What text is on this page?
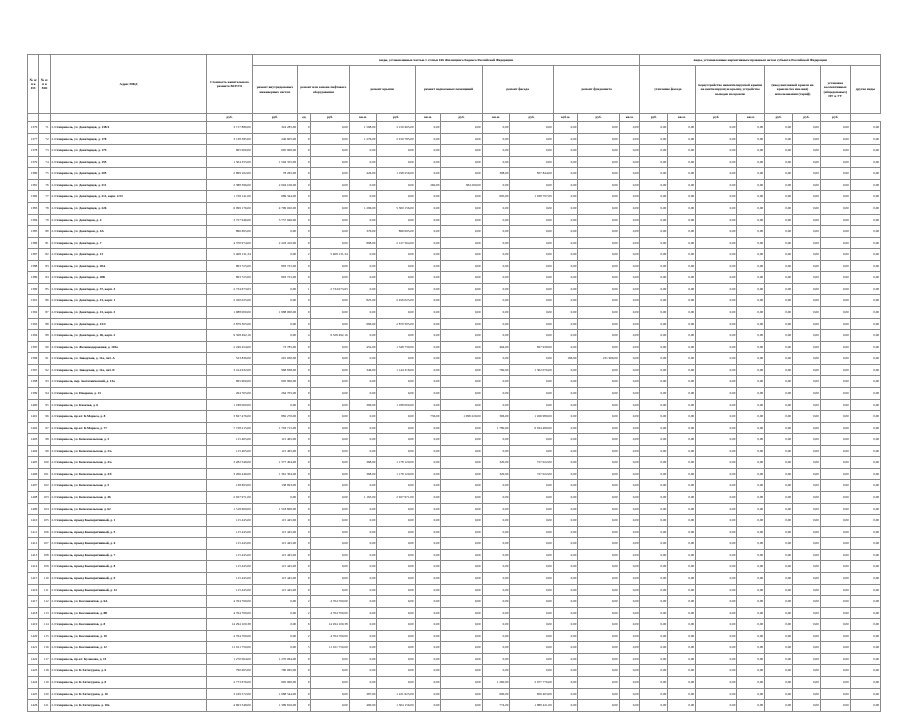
№ п/п в ПЗ	№ п/п в МО	Адрес МКД	Стоимость капитального ремонта ВСЕГО	виды, установленные частью 1 статьи 166 Жилищного Кодекса Российской Федерации												виды, установленные нормативным правовым актом субъекта Российской Федерации							
				ремонт внутридомовых инженерных систем	ремонт или замена лифтового оборудования		ремонт крыши		ремонт подвальных помещений		ремонт фасада		ремонт фундамента			утепление фасада		переустройство невентилируемой крыши на вентилируемую крышу, устройство выходов на кровлю		(ввод наплавной кровли на кровлю без изм-ния) использования (тариф)		установка коллективных (общедомовых) ПУ и УУ	другие виды
			руб.	руб.	ед.	руб.	кв.м.	руб.	кв.м.	руб.	кв.м.	руб.	куб.м.	руб.	кв.м.	руб.	кв.м.	руб.	кв.м.	руб.	руб.	руб.	
1376	71	г. Ставрополь, ул. Доваторцев, д. 138/4	3 717 880,00	324 285,00	0	0,00	1 598,00	3 150 465,00	0,00	0,00	0,00	0,00	0,00	0,00	0,00	0,00	0,00	0,00	0,00	0,00	0,00	0,00	0,00
1377	72	г. Ставрополь, ул. Доваторцев, д. 178	3 138 385,00	246 605,00	0	0,00	1 276,00	2 919 785,00	0,00	0,00	0,00	0,00	0,00	0,00	0,00	0,00	0,00	0,00	0,00	0,00	0,00	0,00	0,00
1378	73	г. Ставрополь, ул. Доваторцев, д. 179	695 900,00	695 900,00	0	0,00	0,00	0,00	0,00	0,00	0,00	0,00	0,00	0,00	0,00	0,00	0,00	0,00	0,00	0,00	0,00	0,00	0,00
1379	74	г. Ставрополь, ул. Доваторцев, д. 195	1 504 355,00	1 504 355,00	0	0,00	0,00	0,00	0,00	0,00	0,00	0,00	0,00	0,00	0,00	0,00	0,00	0,00	0,00	0,00	0,00	0,00	0,00
1380	75	г. Ставрополь, ул. Доваторцев, д. 205	2 899 162,00	78 265,00	0	0,00	426,00	1 198 256,00	0,00	0,00	398,00	857 844,00	0,00	0,00	0,00	0,00	0,00	0,00	0,00	0,00	0,00	0,00	0,00
1381	76	г. Ставрополь, ул. Доваторцев, д. 211	2 388 396,00	2 004 106,00	0	0,00	0,00	0,00	260,00	384 290,00	0,00	0,00	0,00	0,00	0,00	0,00	0,00	0,00	0,00	0,00	0,00	0,00	0,00
1382	77	г. Ставрополь, ул. Доваторцев, д. 211, корп. 2/23	1 728 141,00	689 344,00	0	0,00	0,00	0,00	0,00	0,00	695,00	1 038 797,00	0,00	0,00	0,00	0,00	0,00	0,00	0,00	0,00	0,00	0,00	0,00
1383	78	г. Ставрополь, ул. Доваторцев, д. 226	6 099 176,00	4 799 020,00	0	0,00	1 296,00	5 300 156,00	0,00	0,00	0,00	0,00	0,00	0,00	0,00	0,00	0,00	0,00	0,00	0,00	0,00	0,00	0,00
1384	79	г. Ставрополь, ул. Доваторов, д. 4	3 757 946,00	3 757 946,00	0	0,00	0,00	0,00	0,00	0,00	0,00	0,00	0,00	0,00	0,00	0,00	0,00	0,00	0,00	0,00	0,00	0,00	0,00
1385	80	г. Ставрополь, ул. Доваторов, д. 4А	896 695,00	0,00	0	0,00	376,00	896 695,00	0,00	0,00	0,00	0,00	0,00	0,00	0,00	0,00	0,00	0,00	0,00	0,00	0,00	0,00	0,00
1386	81	г. Ставрополь, ул. Доваторов, д. 7	4 370 974,00	2 243 410,00	0	0,00	898,00	2 127 564,00	0,00	0,00	0,00	0,00	0,00	0,00	0,00	0,00	0,00	0,00	0,00	0,00	0,00	0,00	0,00
1387	82	г. Ставрополь, ул. Доваторов, д. 13	5 468 131,34	0,00	2	5 468 131,34	0,00	0,00	0,00	0,00	0,00	0,00	0,00	0,00	0,00	0,00	0,00	0,00	0,00	0,00	0,00	0,00	0,00
1388	83	г. Ставрополь, ул. Доваторов, д. 20А	893 725,00	893 725,00	0	0,00	0,00	0,00	0,00	0,00	0,00	0,00	0,00	0,00	0,00	0,00	0,00	0,00	0,00	0,00	0,00	0,00	0,00
1389	84	г. Ставрополь, ул. Доваторов, д. 20Б	893 725,00	893 725,00	0	0,00	0,00	0,00	0,00	0,00	0,00	0,00	0,00	0,00	0,00	0,00	0,00	0,00	0,00	0,00	0,00	0,00	0,00
1390	85	г. Ставрополь, ул. Доваторов, д. 37, корп. 3	2 734 673,63	0,00	1	2 734 673,63	0,00	0,00	0,00	0,00	0,00	0,00	0,00	0,00	0,00	0,00	0,00	0,00	0,00	0,00	0,00	0,00	0,00
1391	86	г. Ставрополь, ул. Доваторов, д. 41, корп. 1	2 456 025,00	0,00	0	0,00	825,00	2 456 025,00	0,00	0,00	0,00	0,00	0,00	0,00	0,00	0,00	0,00	0,00	0,00	0,00	0,00	0,00	0,00
1392	87	г. Ставрополь, ул. Доваторов, д. 41, корп. 3	1 988 000,00	1 988 000,00	0	0,00	0,00	0,00	0,00	0,00	0,00	0,00	0,00	0,00	0,00	0,00	0,00	0,00	0,00	0,00	0,00	0,00	0,00
1393	88	г. Ставрополь, ул. Доваторов, д. 41/4	2 879 305,00	0,00	0	0,00	966,00	2 879 305,00	0,00	0,00	0,00	0,00	0,00	0,00	0,00	0,00	0,00	0,00	0,00	0,00	0,00	0,00	0,00
1394	89	г. Ставрополь, ул. Доваторов, д. 46, корп. 2	9 328 492,16	0,00	4	9 328 492,16	0,00	0,00	0,00	0,00	0,00	0,00	0,00	0,00	0,00	0,00	0,00	0,00	0,00	0,00	0,00	0,00	0,00
1395	90	г. Ставрополь, ул. Железнодорожная, д. 103а	2 249 454,00	73 785,00	0	0,00	452,00	1 348 730,00	0,00	0,00	494,00	827 939,00	0,00	0,00	0,00	0,00	0,00	0,00	0,00	0,00	0,00	0,00	0,00
1396	91	г. Ставрополь, ул. Заводская, д. 11а, лит. А	523 836,00	291 930,00	0	0,00	0,00	0,00	0,00	0,00	0,00	0,00	166,00	231 906,00	0,00	0,00	0,00	0,00	0,00	0,00	0,00	0,00	0,00
1397	92	г. Ставрополь, ул. Заводская, д. 11а, лит. Б	3 414 632,00	968 838,00	0	0,00	346,00	1 144 318,00	0,00	0,00	769,00	1 302 076,00	0,00	0,00	0,00	0,00	0,00	0,00	0,00	0,00	0,00	0,00	0,00
1398	93	г. Ставрополь, пер. Зоотехнический, д. 13а	695 900,00	695 900,00	0	0,00	0,00	0,00	0,00	0,00	0,00	0,00	0,00	0,00	0,00	0,00	0,00	0,00	0,00	0,00	0,00	0,00	0,00
1399	94	г. Ставрополь, ул. Ижорова, д. 13	264 705,00	264 705,00	0	0,00	0,00	0,00	0,00	0,00	0,00	0,00	0,00	0,00	0,00	0,00	0,00	0,00	0,00	0,00	0,00	0,00	0,00
1400	95	г. Ставрополь, ул. Казачья, д. 6	1 188 000,00	0,00	0	0,00	396,00	1 188 000,00	0,00	0,00	0,00	0,00	0,00	0,00	0,00	0,00	0,00	0,00	0,00	0,00	0,00	0,00	0,00
1401	96	г. Ставрополь, пр-кт. К.Маркса, д. 8	3 827 476,00	882 276,00	0	0,00	0,00	0,00	736,00	1 098 220,00	306,00	1 026 980,00	0,00	0,00	0,00	0,00	0,00	0,00	0,00	0,00	0,00	0,00	0,00
1402	97	г. Ставрополь, пр-кт. К.Маркса, д. 77	7 728 215,00	1 793 715,00	0	0,00	0,00	0,00	0,00	0,00	1 780,00	6 034 480,00	0,00	0,00	0,00	0,00	0,00	0,00	0,00	0,00	0,00	0,00	0,00
1403	98	г. Ставрополь, ул. Комсомольская, д. 3	115 465,00	115 465,00	0	0,00	0,00	0,00	0,00	0,00	0,00	0,00	0,00	0,00	0,00	0,00	0,00	0,00	0,00	0,00	0,00	0,00	0,00
1404	99	г. Ставрополь, ул. Комсомольская, д. 3/а	115 465,00	115 465,00	0	0,00	0,00	0,00	0,00	0,00	0,00	0,00	0,00	0,00	0,00	0,00	0,00	0,00	0,00	0,00	0,00	0,00	0,00
1405	100	г. Ставрополь, ул. Комсомольская, д. 4/а	3 282 546,00	1 377 404,00	0	0,00	368,00	1 178 120,00	0,00	0,00	320,00	727 022,00	0,00	0,00	0,00	0,00	0,00	0,00	0,00	0,00	0,00	0,00	0,00
1406	101	г. Ставрополь, ул. Комсомольская, д. 4/б	3 266 446,00	1 361 304,00	0	0,00	368,00	1 178 120,00	0,00	0,00	320,00	727 022,00	0,00	0,00	0,00	0,00	0,00	0,00	0,00	0,00	0,00	0,00	0,00
1407	102	г. Ставрополь, ул. Комсомольская, д. 5	138 693,00	138 693,00	0	0,00	0,00	0,00	0,00	0,00	0,00	0,00	0,00	0,00	0,00	0,00	0,00	0,00	0,00	0,00	0,00	0,00	0,00
1408	103	г. Ставрополь, ул. Комсомольская, д. 46	2 927 971,00	0,00	0	0,00	1 163,00	2 927 971,00	0,00	0,00	0,00	0,00	0,00	0,00	0,00	0,00	0,00	0,00	0,00	0,00	0,00	0,00	0,00
1409	104	г. Ставрополь, ул. Комсомольская, д. 62	1 518 600,00	1 518 600,00	0	0,00	0,00	0,00	0,00	0,00	0,00	0,00	0,00	0,00	0,00	0,00	0,00	0,00	0,00	0,00	0,00	0,00	0,00
1410	105	г. Ставрополь, проезд Кооперативный, д. 1	115 445,00	115 445,00	0	0,00	0,00	0,00	0,00	0,00	0,00	0,00	0,00	0,00	0,00	0,00	0,00	0,00	0,00	0,00	0,00	0,00	0,00
1411	106	г. Ставрополь, проезд Кооперативный, д. 5	115 445,00	115 445,00	0	0,00	0,00	0,00	0,00	0,00	0,00	0,00	0,00	0,00	0,00	0,00	0,00	0,00	0,00	0,00	0,00	0,00	0,00
1412	107	г. Ставрополь, проезд Кооперативный, д. 6	115 445,00	115 445,00	0	0,00	0,00	0,00	0,00	0,00	0,00	0,00	0,00	0,00	0,00	0,00	0,00	0,00	0,00	0,00	0,00	0,00	0,00
1413	108	г. Ставрополь, проезд Кооперативный, д. 7	115 445,00	115 445,00	0	0,00	0,00	0,00	0,00	0,00	0,00	0,00	0,00	0,00	0,00	0,00	0,00	0,00	0,00	0,00	0,00	0,00	0,00
1414	109	г. Ставрополь, проезд Кооперативный, д. 8	115 445,00	115 445,00	0	0,00	0,00	0,00	0,00	0,00	0,00	0,00	0,00	0,00	0,00	0,00	0,00	0,00	0,00	0,00	0,00	0,00	0,00
1415	110	г. Ставрополь, проезд Кооперативный, д. 9	115 445,00	115 445,00	0	0,00	0,00	0,00	0,00	0,00	0,00	0,00	0,00	0,00	0,00	0,00	0,00	0,00	0,00	0,00	0,00	0,00	0,00
1416	111	г. Ставрополь, проезд Кооперативный, д. 12	115 445,00	115 445,00	0	0,00	0,00	0,00	0,00	0,00	0,00	0,00	0,00	0,00	0,00	0,00	0,00	0,00	0,00	0,00	0,00	0,00	0,00
1417	112	г. Ставрополь, ул. Космонавтов, д. 6А	4 764 700,00	0,00	2	4 764 700,00	0,00	0,00	0,00	0,00	0,00	0,00	0,00	0,00	0,00	0,00	0,00	0,00	0,00	0,00	0,00	0,00	0,00
1418	113	г. Ставрополь, ул. Космонавтов, д. 8Б	4 764 700,00	0,00	2	4 764 700,00	0,00	0,00	0,00	0,00	0,00	0,00	0,00	0,00	0,00	0,00	0,00	0,00	0,00	0,00	0,00	0,00	0,00
1419	114	г. Ставрополь, ул. Космонавтов, д. 8	14 294 100,38	0,00	6	14 294 100,38	0,00	0,00	0,00	0,00	0,00	0,00	0,00	0,00	0,00	0,00	0,00	0,00	0,00	0,00	0,00	0,00	0,00
1420	115	г. Ставрополь, ул. Космонавтов, д. 10	4 764 700,00	0,00	2	4 764 700,00	0,00	0,00	0,00	0,00	0,00	0,00	0,00	0,00	0,00	0,00	0,00	0,00	0,00	0,00	0,00	0,00	0,00
1421	116	г. Ставрополь, ул. Космонавтов, д. 12	11 911 750,00	0,00	5	11 911 750,00	0,00	0,00	0,00	0,00	0,00	0,00	0,00	0,00	0,00	0,00	0,00	0,00	0,00	0,00	0,00	0,00	0,00
1422	117	г. Ставрополь, пр-кт. Кулакова, д. 15	1 270 064,00	1 270 064,00	0	0,00	0,00	0,00	0,00	0,00	0,00	0,00	0,00	0,00	0,00	0,00	0,00	0,00	0,00	0,00	0,00	0,00	0,00
1423	118	г. Ставрополь, ул. К.Хетагурова, д. 6	790 065,00	790 065,00	0	0,00	0,00	0,00	0,00	0,00	0,00	0,00	0,00	0,00	0,00	0,00	0,00	0,00	0,00	0,00	0,00	0,00	0,00
1424	119	г. Ставрополь, ул. К.Хетагурова, д. 8	2 773 676,00	695 900,00	0	0,00	0,00	0,00	0,00	0,00	1 260,00	2 077 776,00	0,00	0,00	0,00	0,00	0,00	0,00	0,00	0,00	0,00	0,00	0,00
1425	120	г. Ставрополь, ул. К.Хетагурова, д. 10	3 169 572,00	1 088 544,00	0	0,00	387,00	1 221 625,00	0,00	0,00	600,00	859 403,00	0,00	0,00	0,00	0,00	0,00	0,00	0,00	0,00	0,00	0,00	0,00
1426	121	г. Ставрополь, ул. К.Хетагурова, д. 10а	4 693 348,00	1 399 816,00	0	0,00	400,00	1 304 156,00	0,00	0,00	774,00	1 989 421,00	0,00	0,00	0,00	0,00	0,00	0,00	0,00	0,00	0,00	0,00	0,00
